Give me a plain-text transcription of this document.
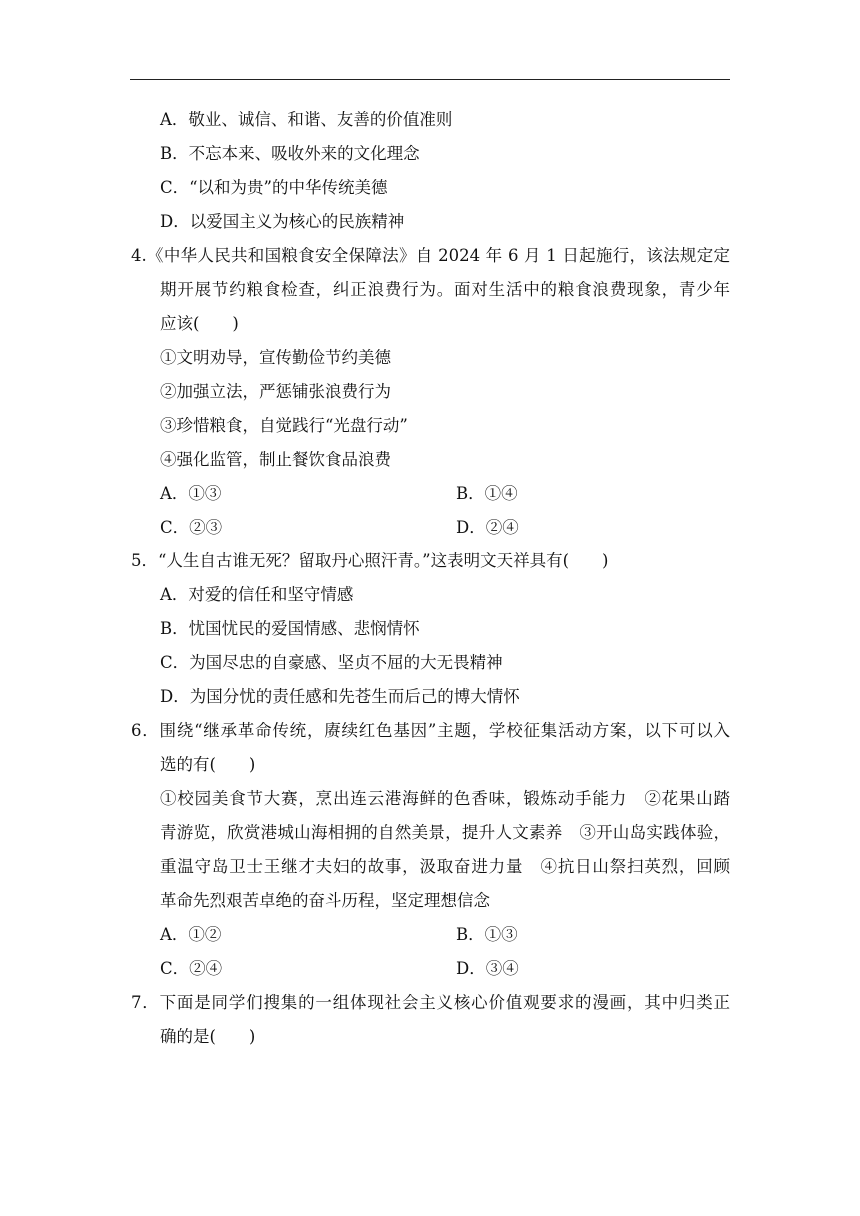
A．敬业、诚信、和谐、友善的价值准则
B．不忘本来、吸收外来的文化理念
C．“以和为贵”的中华传统美德
D．以爱国主义为核心的民族精神
4.《中华人民共和国粮食安全保障法》自 2024 年 6 月 1 日起施行，该法规定定
期开展节约粮食检查，纠正浪费行为。面对生活中的粮食浪费现象，青少年
应该(　　)
①文明劝导，宣传勤俭节约美德
②加强立法，严惩铺张浪费行为
③珍惜粮食，自觉践行“光盘行动”
④强化监管，制止餐饮食品浪费
A．①③	B．①④
C．②③	D．②④
5．“人生自古谁无死？留取丹心照汗青。”这表明文天祥具有(　　)
A．对爱的信任和坚守情感
B．忧国忧民的爱国情感、悲悯情怀
C．为国尽忠的自豪感、坚贞不屈的大无畏精神
D．为国分忧的责任感和先苍生而后己的博大情怀
6．围绕“继承革命传统，赓续红色基因”主题，学校征集活动方案，以下可以入
选的有(　　)
①校园美食节大赛，烹出连云港海鲜的色香味，锻炼动手能力　②花果山踏
青游览，欣赏港城山海相拥的自然美景，提升人文素养　③开山岛实践体验，
重温守岛卫士王继才夫妇的故事，汲取奋进力量　④抗日山祭扫英烈，回顾
革命先烈艰苦卓绝的奋斗历程，坚定理想信念
A．①②	B．①③
C．②④	D．③④
7．下面是同学们搜集的一组体现社会主义核心价值观要求的漫画，其中归类正
确的是(　　)
